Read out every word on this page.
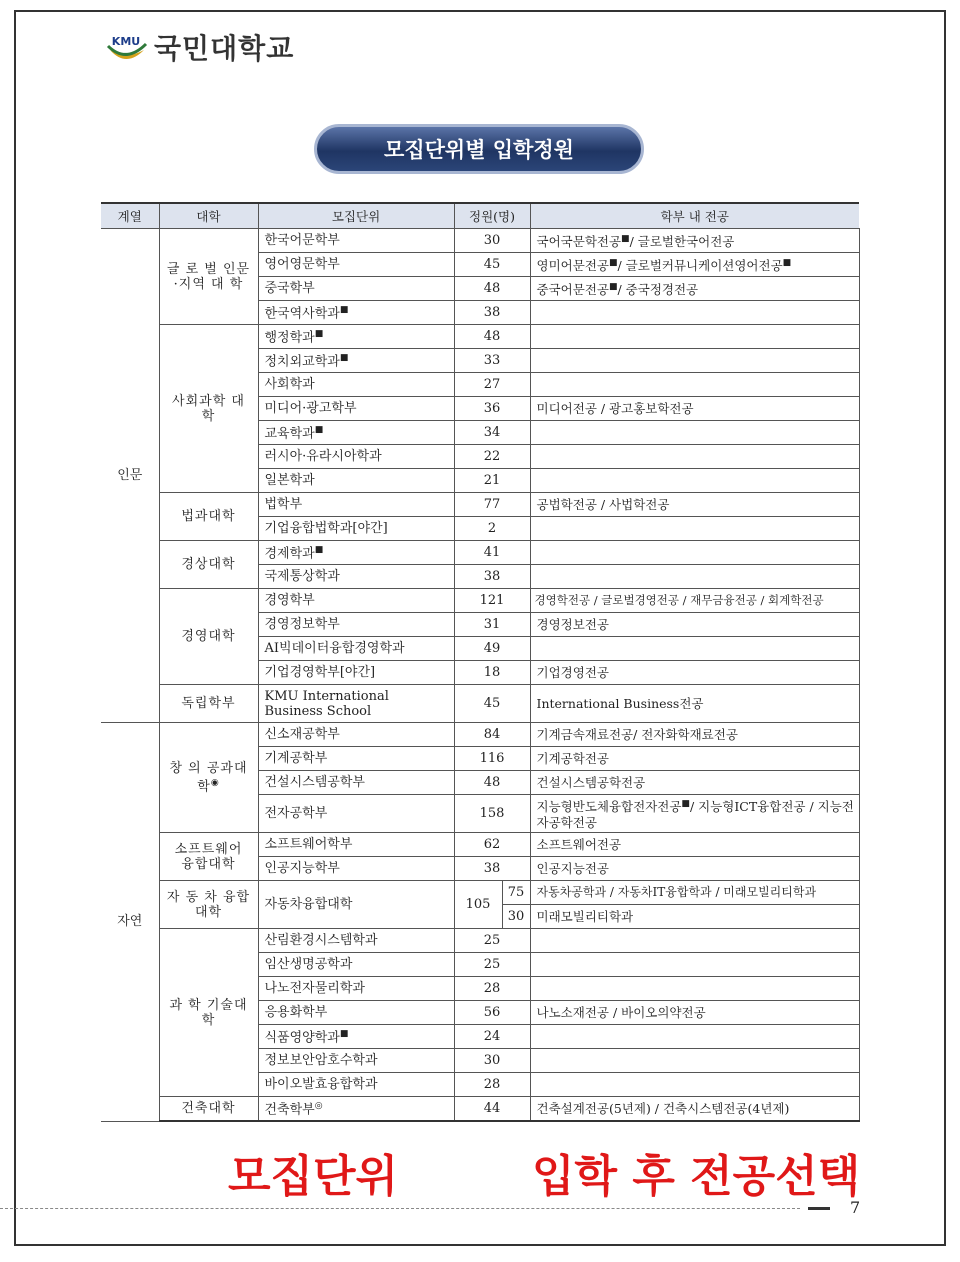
KMU 국민대학교
모집단위별 입학정원
계열	대학	모집단위	정원(명)		학부 내 전공
인문	글 로 벌 인문·지역 대 학	한국어문학부	30		국어국문학전공■/ 글로벌한국어전공
		영어영문학부	45		영미어문전공■/ 글로벌커뮤니케이션영어전공■
		중국학부	48		중국어문전공■/ 중국정경전공
		한국역사학과■	38		
	사회과학 대 학	행정학과■	48		
		정치외교학과■	33		
		사회학과	27		
		미디어·광고학부	36		미디어전공 / 광고홍보학전공
		교육학과■	34		
		러시아·유라시아학과	22		
		일본학과	21		
	법과대학	법학부	77		공법학전공 / 사법학전공
		기업융합법학과[야간]	2		
	경상대학	경제학과■	41		
		국제통상학과	38		
	경영대학	경영학부	121		경영학전공 / 글로벌경영전공 / 재무금융전공 / 회계학전공
		경영정보학부	31		경영정보전공
		AI빅데이터융합경영학과	49		
		기업경영학부[야간]	18		기업경영전공
	독립학부	KMU International Business School	45		International Business전공
자연	창 의 공과대학◉	신소재공학부	84		기계금속재료전공/ 전자화학재료전공
		기계공학부	116		기계공학전공
		건설시스템공학부	48		건설시스템공학전공
		전자공학부	158		지능형반도체융합전자전공■/ 지능형ICT융합전공 / 지능전자공학전공
	소프트웨어 융합대학	소프트웨어학부	62		소프트웨어전공
		인공지능학부	38		인공지능전공
	자 동 차 융합대학	자동차융합대학	105	75	자동차공학과 / 자동차IT융합학과 / 미래모빌리티학과
				30	미래모빌리티학과
	과 학 기술대학	산림환경시스템학과	25		
		임산생명공학과	25		
		나노전자물리학과	28		
		응용화학부	56		나노소재전공 / 바이오의약전공
		식품영양학과■	24		
		정보보안암호수학과	30		
		바이오발효융합학과	28		
	건축대학	건축학부◎	44		건축설계전공(5년제) / 건축시스템전공(4년제)
모집단위	입학 후 전공선택
7
